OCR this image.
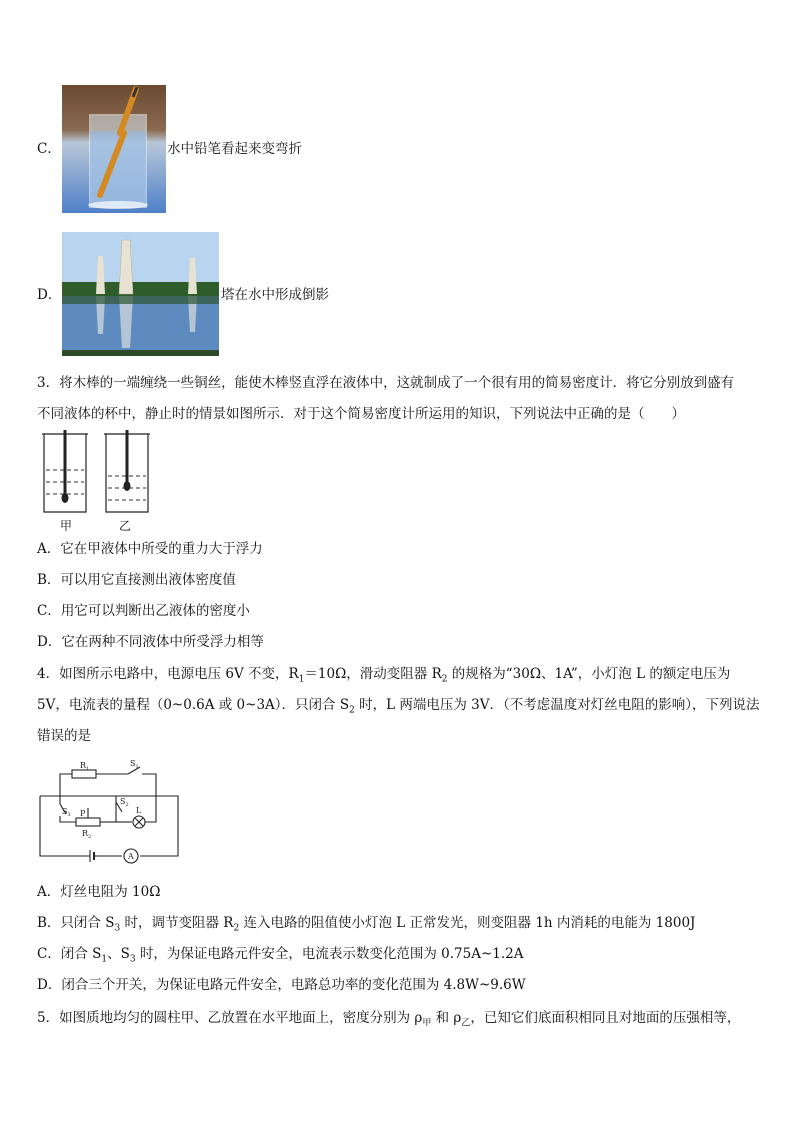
C．	水中铅笔看起来变弯折
D．	塔在水中形成倒影
3．将木棒的一端缠绕一些铜丝，能使木棒竖直浮在液体中，这就制成了一个很有用的简易密度计．将它分别放到盛有
不同液体的杯中，静止时的情景如图所示．对于这个简易密度计所运用的知识，下列说法中正确的是（　　）
甲	乙
A．它在甲液体中所受的重力大于浮力
B．可以用它直接测出液体密度值
C．用它可以判断出乙液体的密度小
D．它在两种不同液体中所受浮力相等
4．如图所示电路中，电源电压 6V 不变，$R_1=10\Omega$，滑动变阻器 $R_2$ 的规格为“30Ω、1A”，小灯泡 L 的额定电压为
5V，电流表的量程（0~0.6A 或 0~3A）．只闭合 $S_2$ 时，L 两端电压为 3V．（不考虑温度对灯丝电阻的影响），下列说法
错误的是
A
$R_1$
$S_1$
$S_2$
$S_3$ P
$R_2$
L
A．灯丝电阻为 10Ω
B．只闭合 $S_3$ 时，调节变阻器 $R_2$ 连入电路的阻值使小灯泡 L 正常发光，则变阻器 1h 内消耗的电能为 1800J
C．闭合 $S_1$、$S_3$ 时，为保证电路元件安全，电流表示数变化范围为 0.75A~1.2A
D．闭合三个开关，为保证电路元件安全，电路总功率的变化范围为 4.8W~9.6W
5．如图质地均匀的圆柱甲、乙放置在水平地面上，密度分别为 $\rho_甲$ 和 $\rho_乙$，已知它们底面积相同且对地面的压强相等，
